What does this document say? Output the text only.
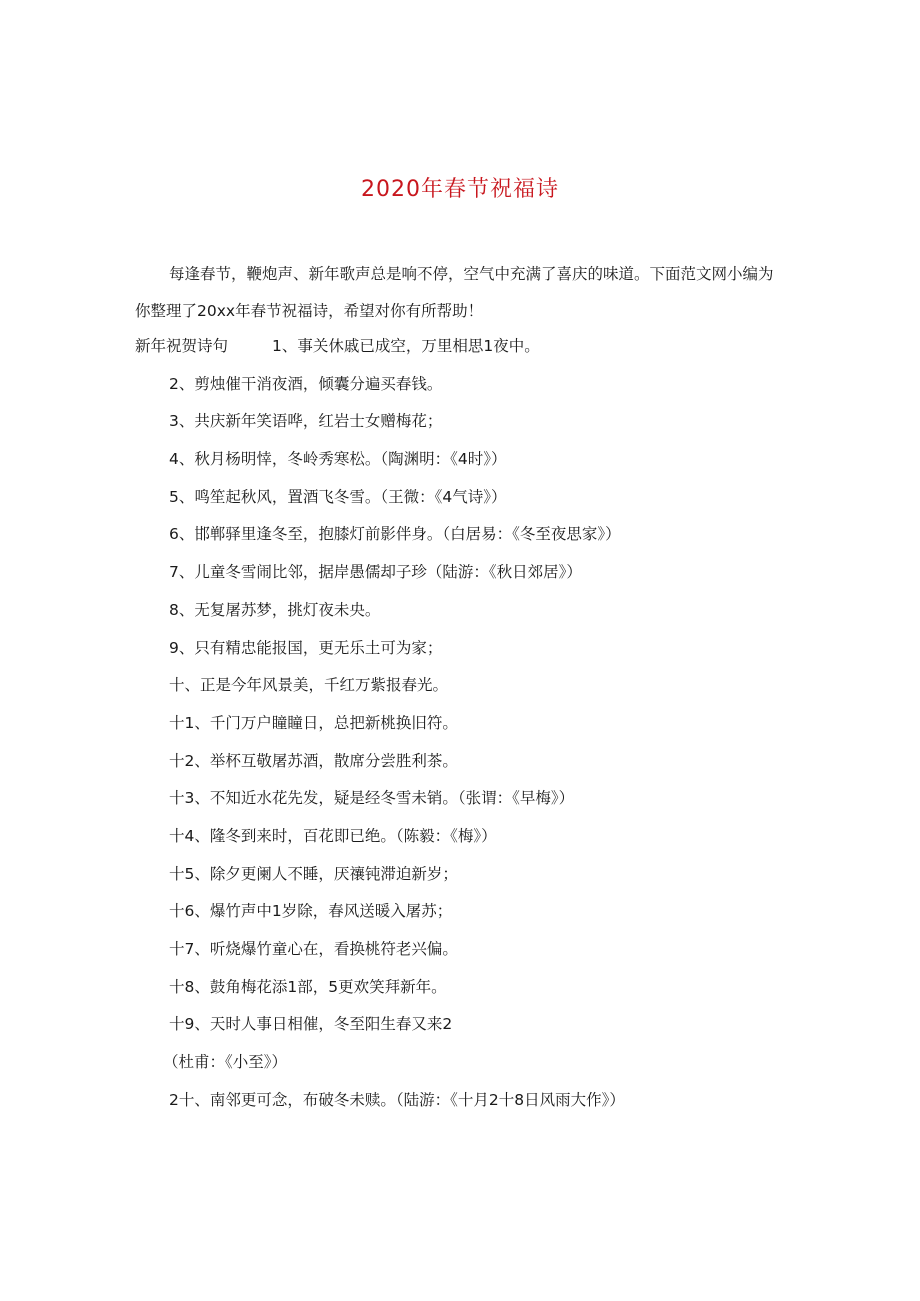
2020年春节祝福诗
每逢春节，鞭炮声、新年歌声总是响不停，空气中充满了喜庆的味道。下面范文网小编为你整理了20xx年春节祝福诗，希望对你有所帮助！
新年祝贺诗句	1、事关休戚已成空，万里相思1夜中。
2、剪烛催干消夜酒，倾囊分遍买春钱。
3、共庆新年笑语哗，红岩士女赠梅花；
4、秋月杨明悻，冬岭秀寒松。（陶渊明：《4时》）
5、鸣笙起秋风，置酒飞冬雪。（王微：《4气诗》）
6、邯郸驿里逢冬至，抱膝灯前影伴身。（白居易：《冬至夜思家》）
7、儿童冬雪闹比邻，据岸愚儒却子珍（陆游：《秋日郊居》）
8、无复屠苏梦，挑灯夜未央。
9、只有精忠能报国，更无乐土可为家；
十、正是今年风景美，千红万紫报春光。
十1、千门万户瞳瞳日，总把新桃换旧符。
十2、举杯互敬屠苏酒，散席分尝胜利茶。
十3、不知近水花先发，疑是经冬雪未销。（张谓：《早梅》）
十4、隆冬到来时，百花即已绝。（陈毅：《梅》）
十5、除夕更阑人不睡，厌禳钝滞迫新岁；
十6、爆竹声中1岁除，春风送暖入屠苏；
十7、听烧爆竹童心在，看换桃符老兴偏。
十8、鼓角梅花添1部，5更欢笑拜新年。
十9、天时人事日相催，冬至阳生春又来2
（杜甫：《小至》）
2十、南邻更可念，布破冬未赎。（陆游：《十月2十8日风雨大作》）
